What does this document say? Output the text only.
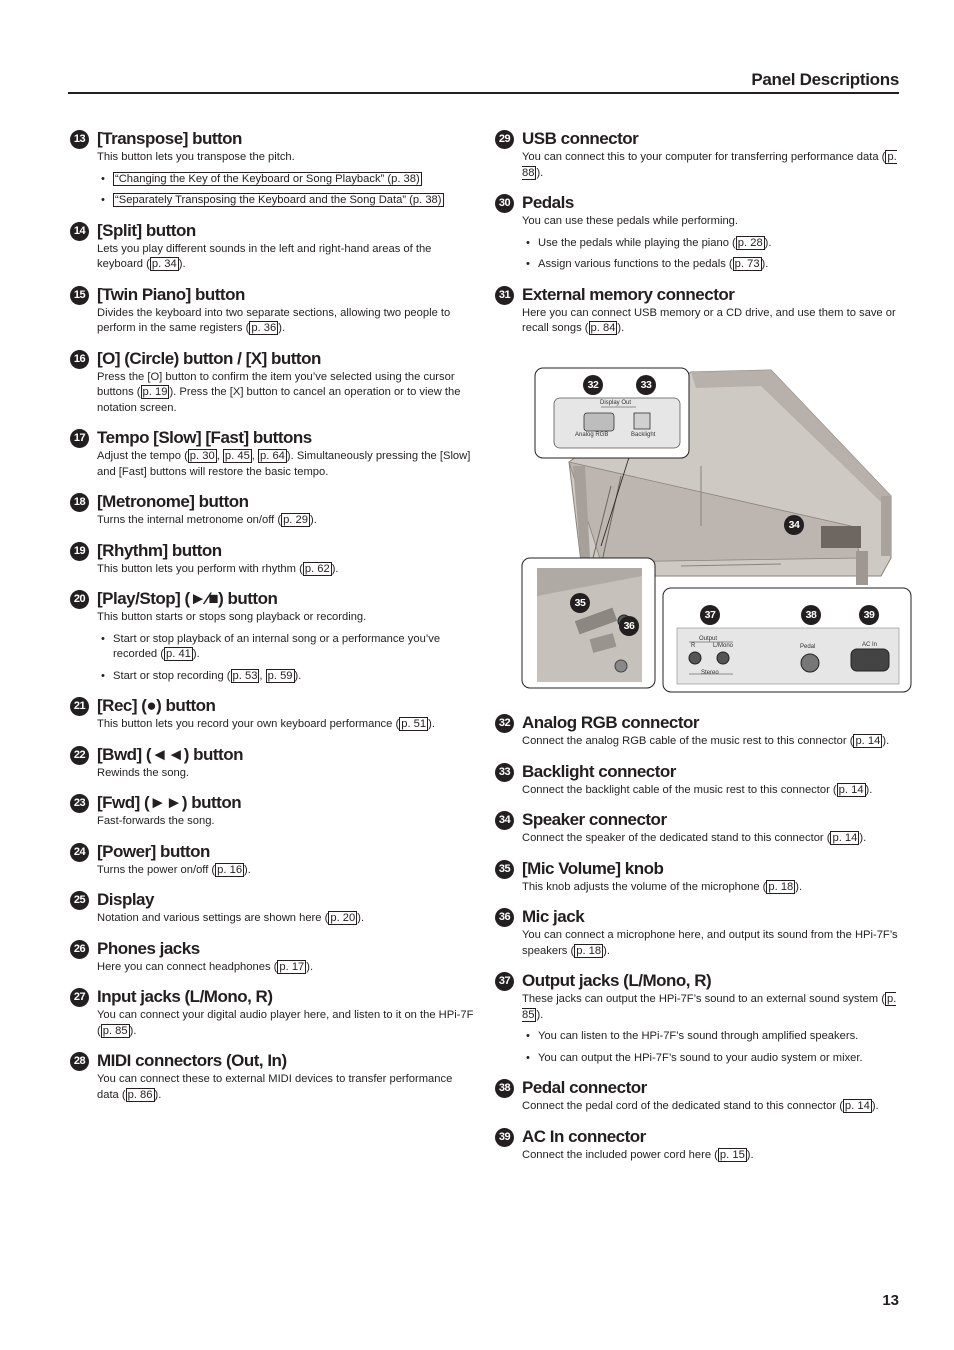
Panel Descriptions
13 [Transpose] button
This button lets you transpose the pitch.
• “Changing the Key of the Keyboard or Song Playback” (p. 38)
• “Separately Transposing the Keyboard and the Song Data” (p. 38)
14 [Split] button
Lets you play different sounds in the left and right-hand areas of the keyboard ( p. 34 ).
15 [Twin Piano] button
Divides the keyboard into two separate sections, allowing two people to perform in the same registers ( p. 36 ).
16 [O] (Circle) button / [X] button
Press the [O] button to confirm the item you’ve selected using the cursor buttons ( p. 19 ). Press the [X] button to cancel an operation or to view the notation screen.
17 Tempo [Slow] [Fast] buttons
Adjust the tempo ( p. 30 , p. 45 , p. 64 ). Simultaneously pressing the [Slow] and [Fast] buttons will restore the basic tempo.
18 [Metronome] button
Turns the internal metronome on/off ( p. 29 ).
19 [Rhythm] button
This button lets you perform with rhythm ( p. 62 ).
20 [Play/Stop] (►⁄■) button
This button starts or stops song playback or recording.
• Start or stop playback of an internal song or a performance you’ve recorded ( p. 41 ).
• Start or stop recording ( p. 53 , p. 59 ).
21 [Rec] (●) button
This button lets you record your own keyboard performance ( p. 51 ).
22 [Bwd] (◄◄) button
Rewinds the song.
23 [Fwd] (►►) button
Fast-forwards the song.
24 [Power] button
Turns the power on/off ( p. 16 ).
25 Display
Notation and various settings are shown here ( p. 20 ).
26 Phones jacks
Here you can connect headphones ( p. 17 ).
27 Input jacks (L/Mono, R)
You can connect your digital audio player here, and listen to it on the HPi-7F ( p. 85 ).
28 MIDI connectors (Out, In)
You can connect these to external MIDI devices to transfer performance data ( p. 86 ).
29 USB connector
You can connect this to your computer for transferring performance data ( p. 88 ).
30 Pedals
You can use these pedals while performing.
• Use the pedals while playing the piano ( p. 28 ).
• Assign various functions to the pedals ( p. 73 ).
31 External memory connector
Here you can connect USB memory or a CD drive, and use them to save or recall songs ( p. 84 ).
32 Analog RGB connector
Connect the analog RGB cable of the music rest to this connector ( p. 14 ).
33 Backlight connector
Connect the backlight cable of the music rest to this connector ( p. 14 ).
34 Speaker connector
Connect the speaker of the dedicated stand to this connector ( p. 14 ).
35 [Mic Volume] knob
This knob adjusts the volume of the microphone ( p. 18 ).
36 Mic jack
You can connect a microphone here, and output its sound from the HPi-7F’s speakers ( p. 18 ).
37 Output jacks (L/Mono, R)
These jacks can output the HPi-7F’s sound to an external sound system ( p. 85 ).
• You can listen to the HPi-7F’s sound through amplified speakers.
• You can output the HPi-7F’s sound to your audio system or mixer.
38 Pedal connector
Connect the pedal cord of the dedicated stand to this connector ( p. 14 ).
39 AC In connector
Connect the included power cord here ( p. 15 ).
Display Out
Analog RGB	Backlight
Output
R	L/Mono
Stereo
Pedal	AC In
32	33
34
35
36
37	38	39
13
